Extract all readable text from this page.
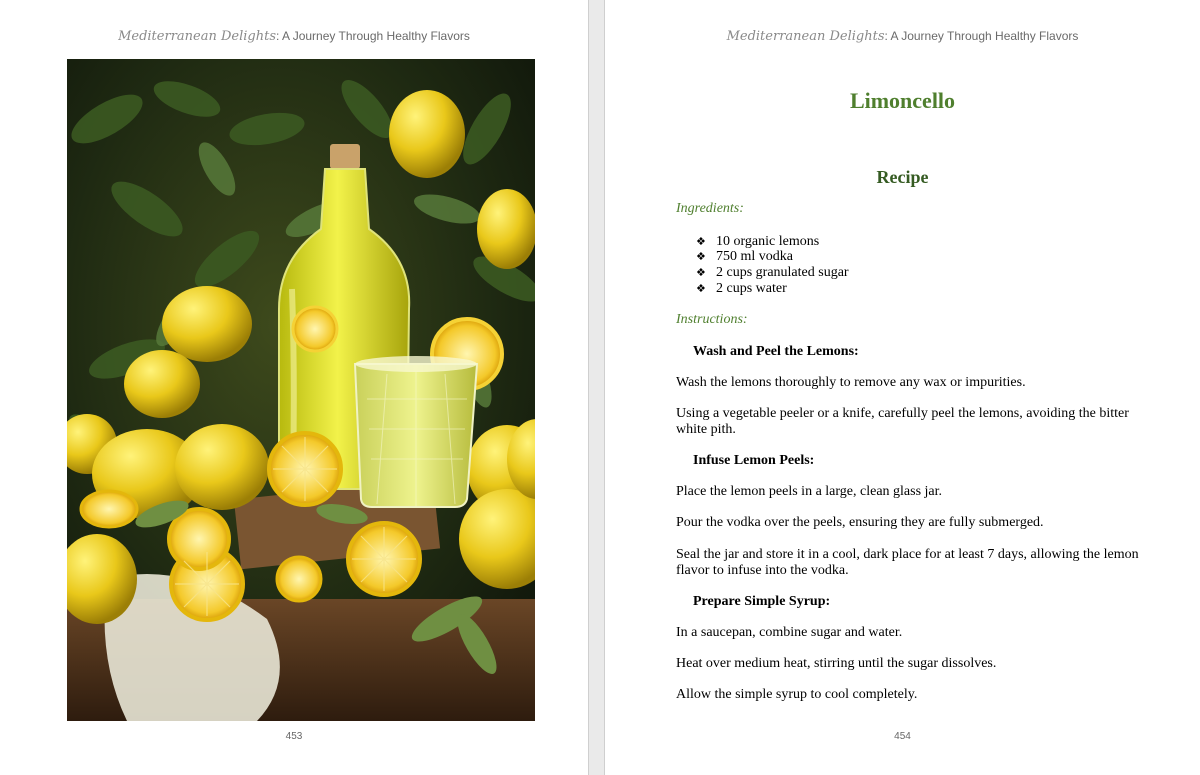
Mediterranean Delights: A Journey Through Healthy Flavors
453
Mediterranean Delights: A Journey Through Healthy Flavors
Limoncello
Recipe
Ingredients:
❖ 10 organic lemons
❖ 750 ml vodka
❖ 2 cups granulated sugar
❖ 2 cups water
Instructions:
Wash and Peel the Lemons:
Wash the lemons thoroughly to remove any wax or impurities.
Using a vegetable peeler or a knife, carefully peel the lemons, avoiding the bitter white pith.
Infuse Lemon Peels:
Place the lemon peels in a large, clean glass jar.
Pour the vodka over the peels, ensuring they are fully submerged.
Seal the jar and store it in a cool, dark place for at least 7 days, allowing the lemon flavor to infuse into the vodka.
Prepare Simple Syrup:
In a saucepan, combine sugar and water.
Heat over medium heat, stirring until the sugar dissolves.
Allow the simple syrup to cool completely.
454
